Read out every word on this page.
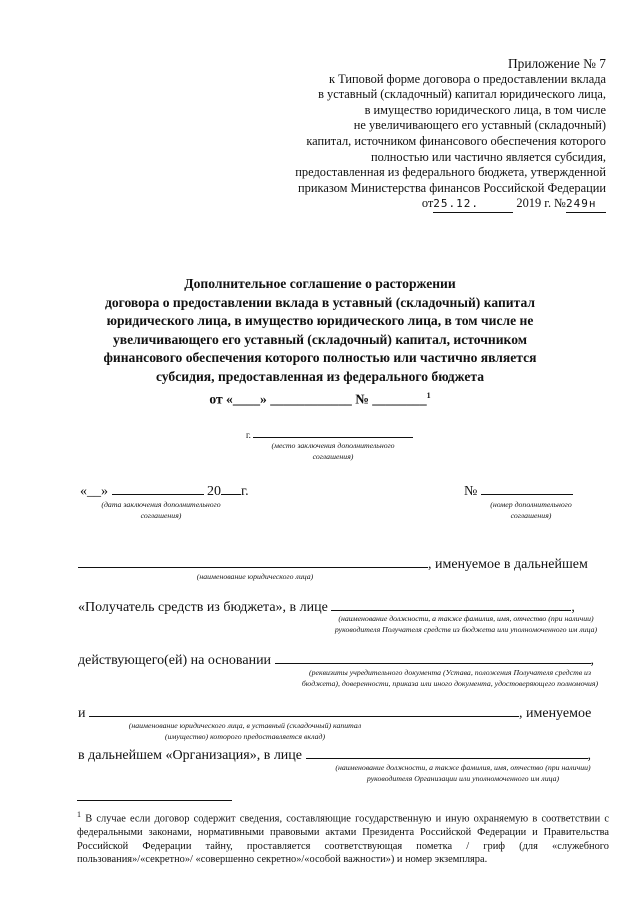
Приложение № 7
к Типовой форме договора о предоставлении вклада
в уставный (складочный) капитал юридического лица,
в имущество юридического лица, в том числе
не увеличивающего его уставный (складочный)
капитал, источником финансового обеспечения которого
полностью или частично является субсидия,
предоставленная из федерального бюджета, утвержденной
приказом Министерства финансов Российской Федерации
от25.12.	2019 г. №249н
Дополнительное соглашение о расторжении
договора о предоставлении вклада в уставный (складочный) капитал
юридического лица, в имущество юридического лица, в том числе не
увеличивающего его уставный (складочный) капитал, источником
финансового обеспечения которого полностью или частично является
субсидия, предоставленная из федерального бюджета
от «____» ____________ № ________$^1$
г.
(место заключения дополнительного соглашения)
«__»	20 г.
(дата заключения дополнительного соглашения)
№
(номер дополнительного соглашения)
, именуемое в дальнейшем
(наименование юридического лица)
«Получатель средств из бюджета», в лице	,
(наименование должности, а также фамилия, имя, отчество (при наличии) руководителя Получателя средств из бюджета или уполномоченного им лица)
действующего(ей) на основании	,
(реквизиты учредительного документа (Устава, положения Получателя средств из бюджета), доверенности, приказа или иного документа, удостоверяющего полномочия)
и	, именуемое
(наименование юридического лица, в уставный (складочный) капитал (имущество) которого предоставляется вклад)
в дальнейшем «Организация», в лице	,
(наименование должности, а также фамилия, имя, отчество (при наличии) руководителя Организации или уполномоченного им лица)
$^1$ В случае если договор содержит сведения, составляющие государственную и иную охраняемую в соответствии с федеральными законами, нормативными правовыми актами Президента Российской Федерации и Правительства Российской Федерации тайну, проставляется соответствующая пометка / гриф (для «служебного пользования»/«секретно»/ «совершенно секретно»/«особой важности») и номер экземпляра.
